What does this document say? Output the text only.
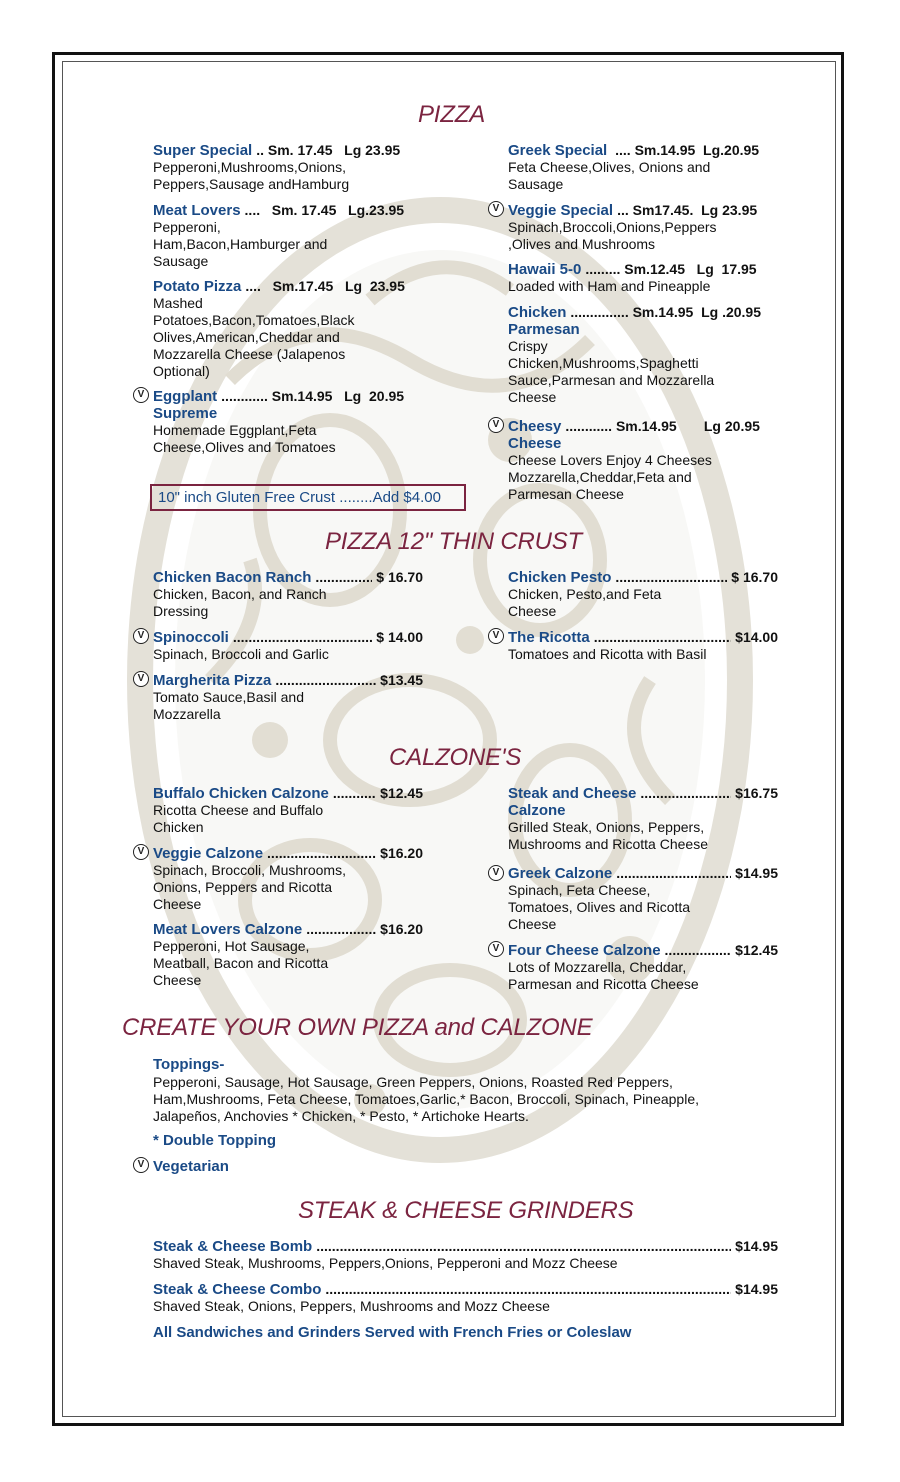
PIZZA
Super Special .. Sm. 17.45   Lg 23.95
Pepperoni,Mushrooms,Onions, Peppers,Sausage andHamburg
Meat Lovers ....   Sm. 17.45   Lg.23.95
Pepperoni, Ham,Bacon,Hamburger and Sausage
Potato Pizza ....   Sm.17.45   Lg  23.95
Mashed Potatoes,Bacon,Tomatoes,Black Olives,American,Cheddar and Mozzarella Cheese (Jalapenos Optional)
V Eggplant ............ Sm.14.95   Lg  20.95
Supreme
Homemade Eggplant,Feta Cheese,Olives and Tomatoes
Greek Special .... Sm.14.95  Lg.20.95
Feta Cheese,Olives, Onions and Sausage
V Veggie Special ... Sm17.45.  Lg 23.95
Spinach,Broccoli,Onions,Peppers ,Olives and Mushrooms
Hawaii 5-0 ......... Sm.12.45   Lg  17.95
Loaded with Ham and Pineapple
Chicken ............... Sm.14.95  Lg .20.95
Parmesan
Crispy Chicken,Mushrooms,Spaghetti Sauce,Parmesan and Mozzarella Cheese
V Cheesy ............ Sm.14.95       Lg 20.95
Cheese
Cheese Lovers Enjoy 4 Cheeses Mozzarella,Cheddar,Feta and Parmesan Cheese
10" inch Gluten Free Crust ........Add $4.00
PIZZA 12" THIN CRUST
Chicken Bacon Ranch .....	$ 16.70
Chicken, Bacon, and Ranch Dressing
V Spinoccoli .....	$ 14.00
Spinach, Broccoli and Garlic
V Margherita Pizza .....	$13.45
Tomato Sauce,Basil and Mozzarella
Chicken Pesto .....	$ 16.70
Chicken, Pesto,and Feta Cheese
V The Ricotta .....	$14.00
Tomatoes and Ricotta with Basil
CALZONE'S
Buffalo Chicken Calzone .....	$12.45
Ricotta Cheese and Buffalo Chicken
V Veggie Calzone .....	$16.20
Spinach, Broccoli, Mushrooms, Onions, Peppers and Ricotta Cheese
Meat Lovers Calzone .....	$16.20
Pepperoni, Hot Sausage, Meatball, Bacon and Ricotta Cheese
Steak and Cheese .....	$16.75
Calzone
Grilled Steak, Onions, Peppers, Mushrooms and Ricotta Cheese
V Greek Calzone .....	$14.95
Spinach, Feta Cheese, Tomatoes, Olives and Ricotta Cheese
V Four Cheese Calzone .....	$12.45
Lots of Mozzarella, Cheddar, Parmesan and Ricotta Cheese
CREATE YOUR OWN PIZZA and CALZONE
Toppings-
Pepperoni, Sausage, Hot Sausage, Green Peppers, Onions, Roasted Red Peppers, Ham,Mushrooms, Feta Cheese, Tomatoes,Garlic,* Bacon, Broccoli, Spinach, Pineapple, Jalapeños, Anchovies * Chicken, * Pesto, * Artichoke Hearts.
* Double Topping
V Vegetarian
STEAK & CHEESE GRINDERS
Steak & Cheese Bomb .....	$14.95
Shaved Steak, Mushrooms, Peppers,Onions, Pepperoni and Mozz Cheese
Steak & Cheese Combo .....	$14.95
Shaved Steak, Onions, Peppers, Mushrooms and Mozz Cheese
All Sandwiches and Grinders Served with French Fries or Coleslaw
